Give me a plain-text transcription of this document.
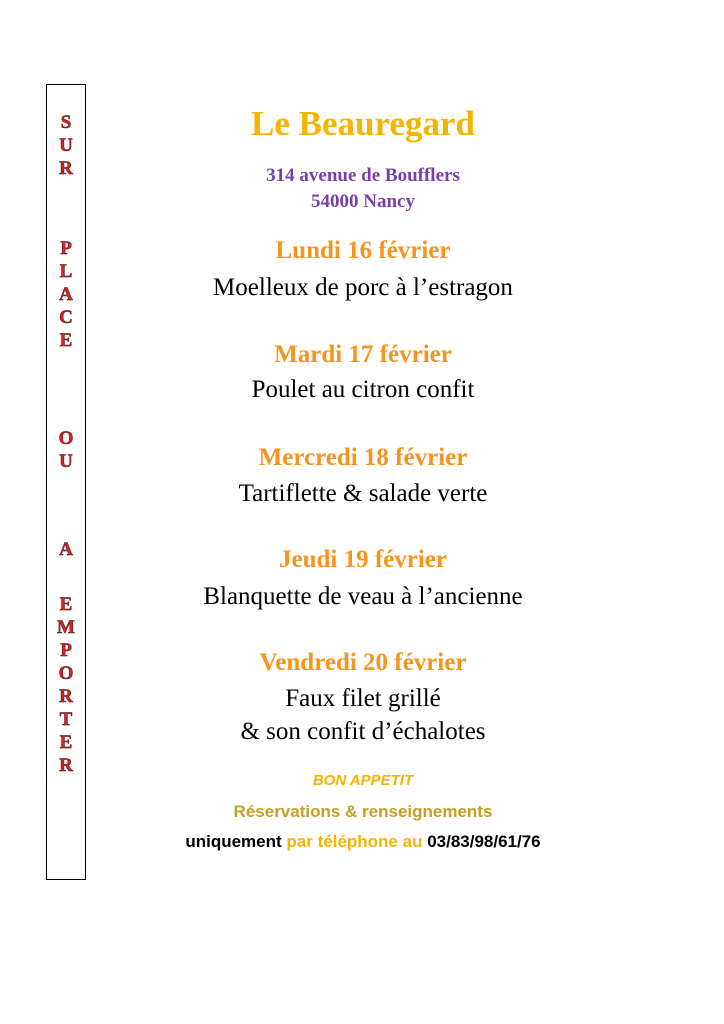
S
U
R
P
L
A
C
E
O
U
A
E
M
P
O
R
T
E
R
Le Beauregard
314 avenue de Boufflers
54000 Nancy
Lundi 16 février
Moelleux de porc à l’estragon
Mardi 17 février
Poulet au citron confit
Mercredi 18 février
Tartiflette & salade verte
Jeudi 19 février
Blanquette de veau à l’ancienne
Vendredi 20 février
Faux filet grillé
& son confit d’échalotes
BON APPETIT
Réservations & renseignements
uniquement par téléphone au 03/83/98/61/76
